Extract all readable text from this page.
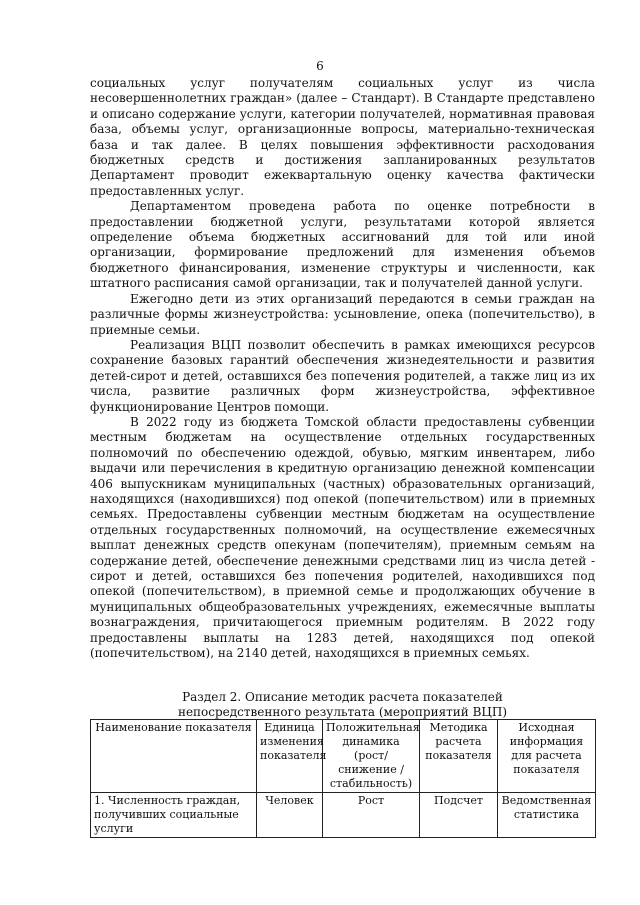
6

социальных услуг получателям социальных услуг из числа несовершеннолетних граждан» (далее – Стандарт). В Стандарте представлено и описано содержание услуги, категории получателей, нормативная правовая база, объемы услуг, организационные вопросы, материально-техническая база и так далее. В целях повышения эффективности расходования бюджетных средств и достижения запланированных результатов Департамент проводит ежеквартальную оценку качества фактически предоставленных услуг.

Департаментом проведена работа по оценке потребности в предоставлении бюджетной услуги, результатами которой является определение объема бюджетных ассигнований для той или иной организации, формирование предложений для изменения объемов бюджетного финансирования, изменение структуры и численности, как штатного расписания самой организации, так и получателей данной услуги.

Ежегодно дети из этих организаций передаются в семьи граждан на различные формы жизнеустройства: усыновление, опека (попечительство), в приемные семьи.

Реализация ВЦП позволит обеспечить в рамках имеющихся ресурсов сохранение базовых гарантий обеспечения жизнедеятельности и развития детей-сирот и детей, оставшихся без попечения родителей, а также лиц из их числа, развитие различных форм жизнеустройства, эффективное функционирование Центров помощи.

В 2022 году из бюджета Томской области предоставлены субвенции местным бюджетам на осуществление отдельных государственных полномочий по обеспечению одеждой, обувью, мягким инвентарем, либо выдачи или перечисления в кредитную организацию денежной компенсации 406 выпускникам муниципальных (частных) образовательных организаций, находящихся (находившихся) под опекой (попечительством) или в приемных семьях. Предоставлены субвенции местным бюджетам на осуществление отдельных государственных полномочий, на осуществление ежемесячных выплат денежных средств опекунам (попечителям), приемным семьям на содержание детей, обеспечение денежными средствами лиц из числа детей - сирот и детей, оставшихся без попечения родителей, находившихся под опекой (попечительством), в приемной семье и продолжающих обучение в муниципальных общеобразовательных учреждениях, ежемесячные выплаты вознаграждения, причитающегося приемным родителям. В 2022 году предоставлены выплаты на 1283 детей, находящихся под опекой (попечительством), на 2140 детей, находящихся в приемных семьях.

Раздел 2. Описание методик расчета показателей
непосредственного результата (мероприятий ВЦП)
Наименование показателя	Единица изменения показателя	Положительная динамика (рост/снижение /стабильность)	Методика расчета показателя	Исходная информация для расчета показателя
1. Численность граждан, получивших социальные услуги	Человек	Рост	Подсчет	Ведомственная статистика
